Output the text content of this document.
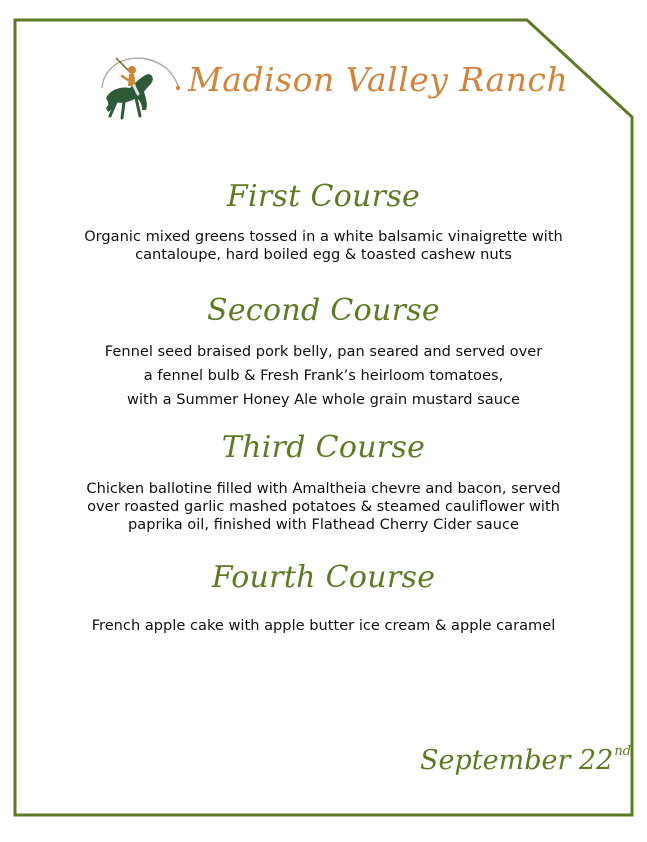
Madison Valley Ranch
First Course
Organic mixed greens tossed in a white balsamic vinaigrette with
cantaloupe, hard boiled egg & toasted cashew nuts
Second Course
Fennel seed braised pork belly, pan seared and served over
a fennel bulb & Fresh Frank’s heirloom tomatoes,
with a Summer Honey Ale whole grain mustard sauce
Third Course
Chicken ballotine filled with Amaltheia chevre and bacon, served
over roasted garlic mashed potatoes & steamed cauliflower with
paprika oil, finished with Flathead Cherry Cider sauce
Fourth Course
French apple cake with apple butter ice cream & apple caramel
September 22nd
